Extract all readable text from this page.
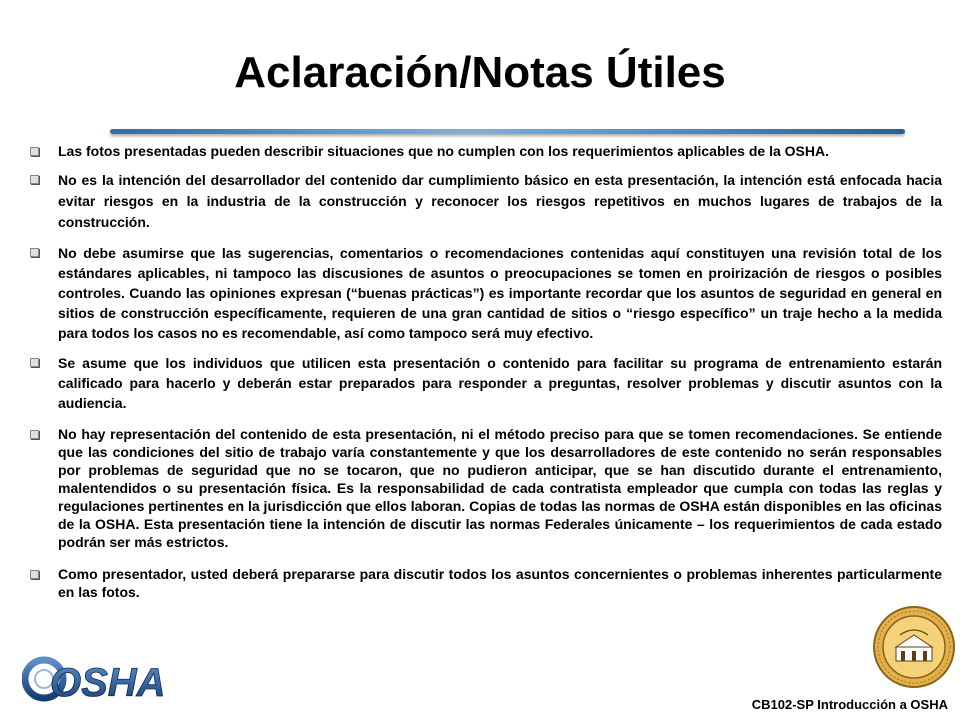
Aclaración/Notas Útiles
Las fotos presentadas pueden describir situaciones que no cumplen con los requerimientos aplicables de la OSHA.
No es la intención del desarrollador del contenido dar cumplimiento básico en esta presentación, la intención está enfocada hacia evitar riesgos en la industria de la construcción y reconocer los riesgos repetitivos en muchos lugares de trabajos de la construcción.
No debe asumirse que las sugerencias, comentarios o recomendaciones contenidas aquí constituyen una revisión total de los estándares aplicables, ni tampoco las discusiones de asuntos o preocupaciones se tomen en proirización de riesgos o posibles controles. Cuando las opiniones expresan (“buenas prácticas”) es importante recordar que los asuntos de seguridad en general en sitios de construcción específicamente, requieren de una gran cantidad de sitios o “riesgo específico” un traje hecho a la medida para todos los casos no es recomendable, así como tampoco será muy efectivo.
Se asume que los individuos que utilicen esta presentación o contenido para facilitar su programa de entrenamiento estarán calificado para hacerlo y deberán estar preparados para responder a preguntas, resolver problemas y discutir asuntos con la audiencia.
No hay representación del contenido de esta presentación, ni el método preciso para que se tomen recomendaciones. Se entiende que las condiciones del sitio de trabajo varía constantemente y que los desarrolladores de este contenido no serán responsables por problemas de seguridad que no se tocaron, que no pudieron anticipar, que se han discutido durante el entrenamiento, malentendidos o su presentación física. Es la responsabilidad de cada contratista empleador que cumpla con todas las reglas y regulaciones pertinentes en la jurisdicción que ellos laboran. Copias de todas las normas de OSHA están disponibles en las oficinas de la OSHA. Esta presentación tiene la intención de discutir las normas Federales únicamente – los requerimientos de cada estado podrán ser más estrictos.
Como presentador, usted deberá prepararse para discutir todos los asuntos concernientes o problemas inherentes particularmente en las fotos.
OSHA	CB102-SP Introducción a OSHA
